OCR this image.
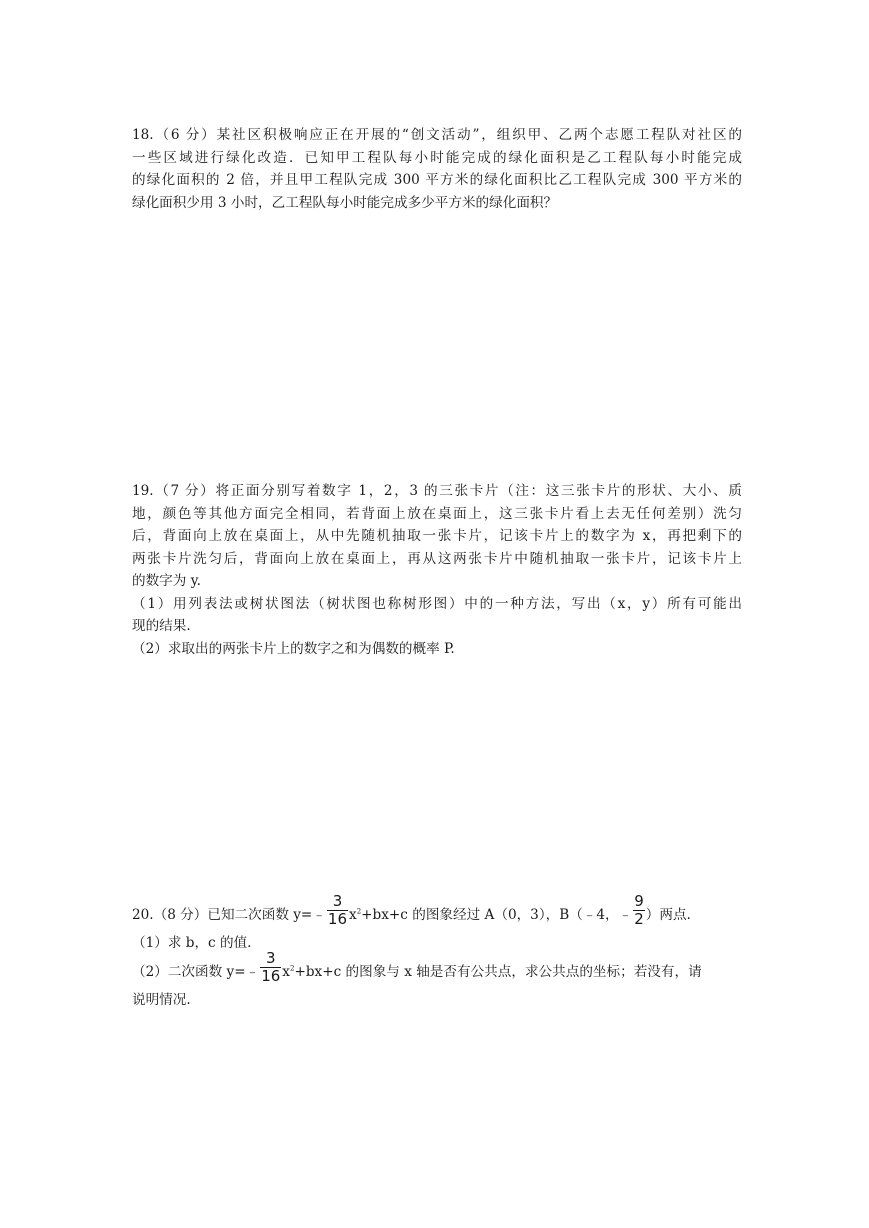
18.（6 分）某社区积极响应正在开展的“创文活动”，组织甲、乙两个志愿工程队对社区的
一些区域进行绿化改造．已知甲工程队每小时能完成的绿化面积是乙工程队每小时能完成
的绿化面积的 2 倍，并且甲工程队完成 300 平方米的绿化面积比乙工程队完成 300 平方米的
绿化面积少用 3 小时，乙工程队每小时能完成多少平方米的绿化面积？
19.（7 分）将正面分别写着数字 1，2，3 的三张卡片（注：这三张卡片的形状、大小、质
地，颜色等其他方面完全相同，若背面上放在桌面上，这三张卡片看上去无任何差别）洗匀
后，背面向上放在桌面上，从中先随机抽取一张卡片，记该卡片上的数字为 x，再把剩下的
两张卡片洗匀后，背面向上放在桌面上，再从这两张卡片中随机抽取一张卡片，记该卡片上
的数字为 y.
（1）用列表法或树状图法（树状图也称树形图）中的一种方法，写出（x，y）所有可能出
现的结果.
（2）求取出的两张卡片上的数字之和为偶数的概率 P.
20.（8 分）已知二次函数 y=﹣ $\frac{3}{16} x^2+bx+c$ 的图象经过 A（0，3），B（﹣4，﹣ $\frac{9}{2}$ ）两点.
（1）求 b，c 的值.
（2）二次函数 y=﹣ $\frac{3}{16} x^2+bx+c$ 的图象与 x 轴是否有公共点，求公共点的坐标；若没有，请
说明情况.
